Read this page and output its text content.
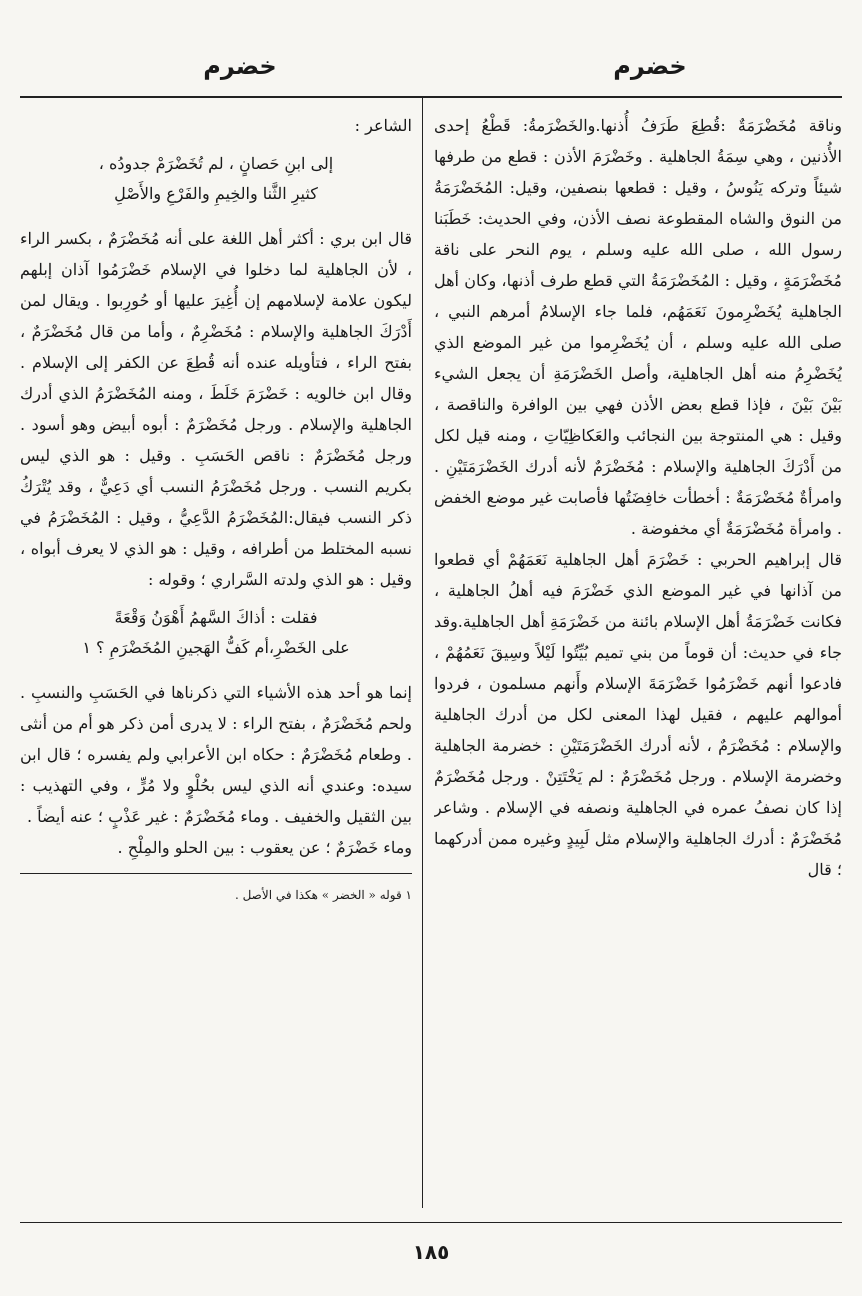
خضرم
خضرم

وناقة مُخَضْرَمَةٌ :قُطِعَ طَرَفُ أُذنها.والخَضْرَمةُ: قَطْعُ إحدى الأُذنين ، وهي سِمَةُ الجاهلية . وخَضْرَمَ الأذن : قطع من طرفها شيئاً وتركه يَنُوسُ ، وقيل : قطعها بنصفين، وقيل: المُخَضْرَمَةُ من النوق والشاه المقطوعة نصف الأذن، وفي الحديث: خَطَبَنا رسول الله ، صلى الله عليه وسلم ، يوم النحر على ناقة مُخَضْرَمَةٍ ، وقيل : المُخَضْرَمَةُ التي قطع طرف أذنها، وكان أهل الجاهلية يُخَضْرِمونَ نَعَمَهُم، فلما جاء الإسلامُ أمرهم النبي ، صلى الله عليه وسلم ، أن يُخَضْرِموا من غير الموضع الذي يُخَضْرِمُ منه أهل الجاهلية، وأصل الخَضْرَمَةِ أن يجعل الشيء بَيْنَ بَيْنَ ، فإذا قطع بعض الأذن فهي بين الوافرة والناقصة ، وقيل : هي المنتوجة بين النجائب والعَكاظِيّاتِ ، ومنه قيل لكل من أَدْرَكَ الجاهلية والإسلام : مُخَضْرَمٌ لأنه أدرك الخَضْرَمَتَيْنِ . وامرأةٌ مُخَضْرَمَةٌ : أخطأت خافِضَتُها فأصابت غير موضع الخفض . وامرأة مُخَضْرَمَةٌ أي مخفوضة .

قال إبراهيم الحربي : خَضْرَمَ أهل الجاهلية نَعَمَهُمْ أي قطعوا من آذانها في غير الموضع الذي خَضْرَمَ فيه أهلُ الجاهلية ، فكانت خَضْرَمَةُ أهل الإسلام بائنة من خَضْرَمَةِ أهل الجاهلية.وقد جاء في حديث: أن قوماً من بني تميم بُيِّتُوا لَيْلاً وسِيقَ نَعَمُهُمْ ، فادعوا أنهم خَضْرَمُوا خَضْرَمَةَ الإسلام وأَنهم مسلمون ، فردوا أموالهم عليهم ، فقيل لهذا المعنى لكل من أدرك الجاهلية والإسلام : مُخَضْرَمٌ ، لأنه أدرك الخَضْرَمَتَيْنِ : خضرمة الجاهلية وخضرمة الإسلام . ورجل مُخَضْرَمٌ : لم يَخْتَتِنْ . ورجل مُخَضْرَمٌ إذا كان نصفُ عمره في الجاهلية ونصفه في الإسلام . وشاعر مُخَضْرَمٌ : أدرك الجاهلية والإسلام مثل لَبِيدٍ وغيره ممن أدركهما ؛ قال

الشاعر :

إلى ابنِ حَصانٍ ، لم تُخَضْرَمْ جدودُه ،
كثيرِ الثَّنا والخِيمِ والفَرْعِ والأَصْلِ

قال ابن بري : أكثر أهل اللغة على أنه مُخَضْرَمٌ ، بكسر الراء ، لأن الجاهلية لما دخلوا في الإسلام خَضْرَمُوا آذان إبلهم ليكون علامة لإسلامهم إن أُغِيرَ عليها أو حُورِبوا . ويقال لمن أَدْرَكَ الجاهلية والإسلام : مُخَضْرِمٌ ، وأما من قال مُخَضْرَمٌ ، بفتح الراء ، فتأويله عنده أنه قُطِعَ عن الكفر إلى الإسلام . وقال ابن خالويه : خَضْرَمَ خَلَطَ ، ومنه المُخَضْرَمُ الذي أدرك الجاهلية والإسلام . ورجل مُخَضْرَمٌ : أبوه أبيض وهو أسود . ورجل مُخَضْرَمٌ : ناقص الحَسَبِ . وقيل : هو الذي ليس بكريم النسب . ورجل مُخَضْرَمُ النسب أي دَعِيٌّ ، وقد يُتْرَكُ ذكر النسب فيقال:المُخَضْرَمُ الدَّعِيُّ ، وقيل : المُخَضْرَمُ في نسبه المختلط من أطرافه ، وقيل : هو الذي لا يعرف أبواه ، وقيل : هو الذي ولدته السَّراري ؛ وقوله :

فقلت : أذاكَ السَّهمُ أَهْوَنُ وَقْعَةً
على الخَضْرِ،أم كَفُّ الهَجينِ المُخَضْرَمِ ؟ ١

إنما هو أحد هذه الأشياء التي ذكرناها في الحَسَبِ والنسبِ . ولحم مُخَضْرَمٌ ، بفتح الراء : لا يدرى أمن ذكر هو أم من أنثى . وطعام مُخَضْرَمٌ : حكاه ابن الأعرابي ولم يفسره ؛ قال ابن سيده: وعندي أنه الذي ليس بحُلْوٍ ولا مُرٍّ ، وفي التهذيب : بين الثقيل والخفيف . وماء مُخَضْرَمٌ : غير عَذْبٍ ؛ عنه أيضاً .

وماء خَضْرَمٌ ؛ عن يعقوب : بين الحلو والمِلْحِ .

١ قوله « الخضر » هكذا في الأصل .

١٨٥
